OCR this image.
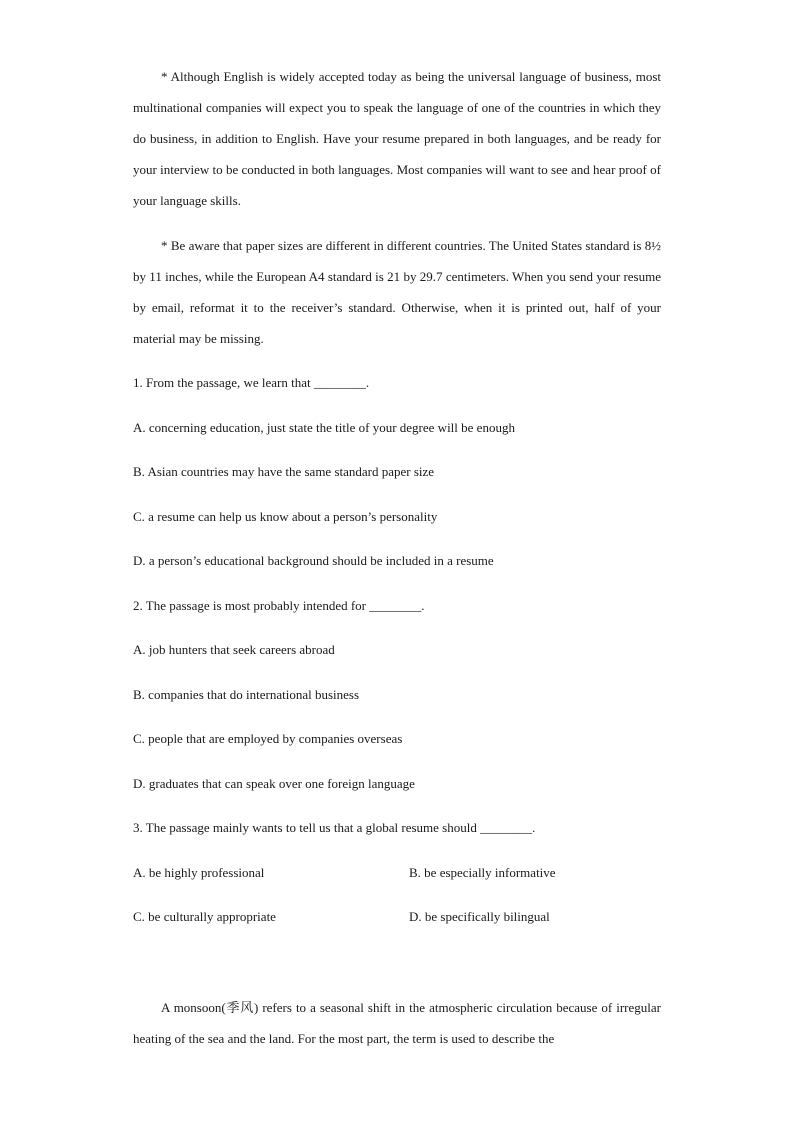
* Although English is widely accepted today as being the universal language of business, most multinational companies will expect you to speak the language of one of the countries in which they do business, in addition to English. Have your resume prepared in both languages, and be ready for your interview to be conducted in both languages. Most companies will want to see and hear proof of your language skills.

* Be aware that paper sizes are different in different countries. The United States standard is 8½ by 11 inches, while the European A4 standard is 21 by 29.7 centimeters. When you send your resume by email, reformat it to the receiver’s standard. Otherwise, when it is printed out, half of your material may be missing.

1. From the passage, we learn that ________.

A. concerning education, just state the title of your degree will be enough

B. Asian countries may have the same standard paper size

C. a resume can help us know about a person’s personality

D. a person’s educational background should be included in a resume

2. The passage is most probably intended for ________.

A. job hunters that seek careers abroad

B. companies that do international business

C. people that are employed by companies overseas

D. graduates that can speak over one foreign language

3. The passage mainly wants to tell us that a global resume should ________.

A. be highly professional	B. be especially informative

C. be culturally appropriate	D. be specifically bilingual

A monsoon(季风) refers to a seasonal shift in the atmospheric circulation because of irregular heating of the sea and the land. For the most part, the term is used to describe the
